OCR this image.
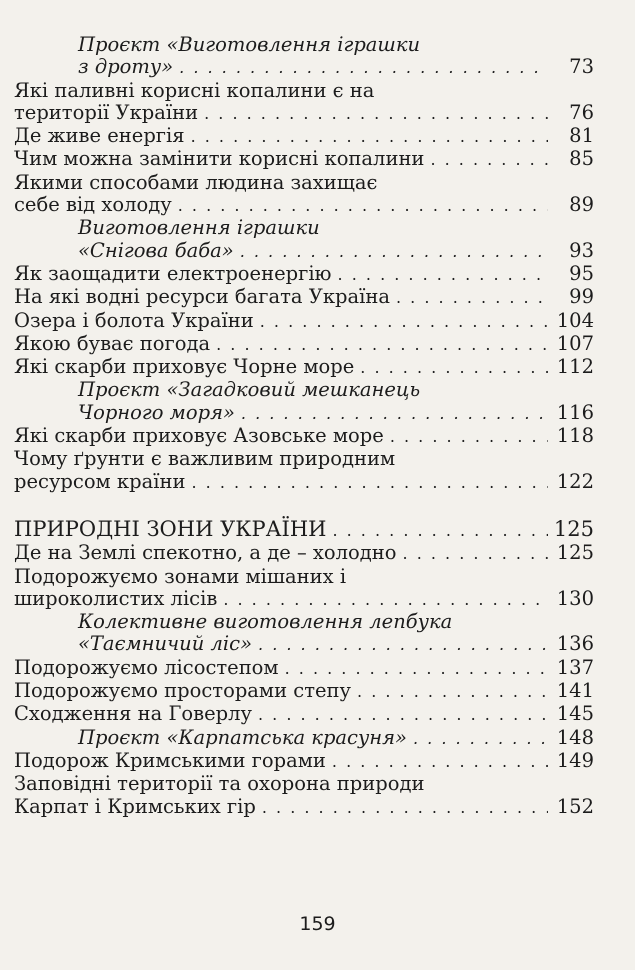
Проєкт «Виготовлення іграшки
з дроту» . . .	73
Які паливні корисні копалини є на
території України . . .	76
Де живе енергія . . .	81
Чим можна замінити корисні копалини . . .	85
Якими способами людина захищає
себе від холоду . . .	89
Виготовлення іграшки
«Снігова баба» . . .	93
Як заощадити електроенергію . . .	95
На які водні ресурси багата Україна . . .	99
Озера і болота України . . .	104
Якою буває погода . . .	107
Які скарби приховує Чорне море . . .	112
Проєкт «Загадковий мешканець
Чорного моря» . . .	116
Які скарби приховує Азовське море . . .	118
Чому ґрунти є важливим природним
ресурсом країни . . .	122
ПРИРОДНІ ЗОНИ УКРАЇНИ . . .	125
Де на Землі спекотно, а де – холодно . . .	125
Подорожуємо зонами мішаних і
широколистих лісів . . .	130
Колективне виготовлення лепбука
«Таємничий ліс» . . .	136
Подорожуємо лісостепом . . .	137
Подорожуємо просторами степу . . .	141
Сходження на Говерлу . . .	145
Проєкт «Карпатська красуня» . . .	148
Подорож Кримськими горами . . .	149
Заповідні території та охорона природи
Карпат і Кримських гір . . .	152
159
